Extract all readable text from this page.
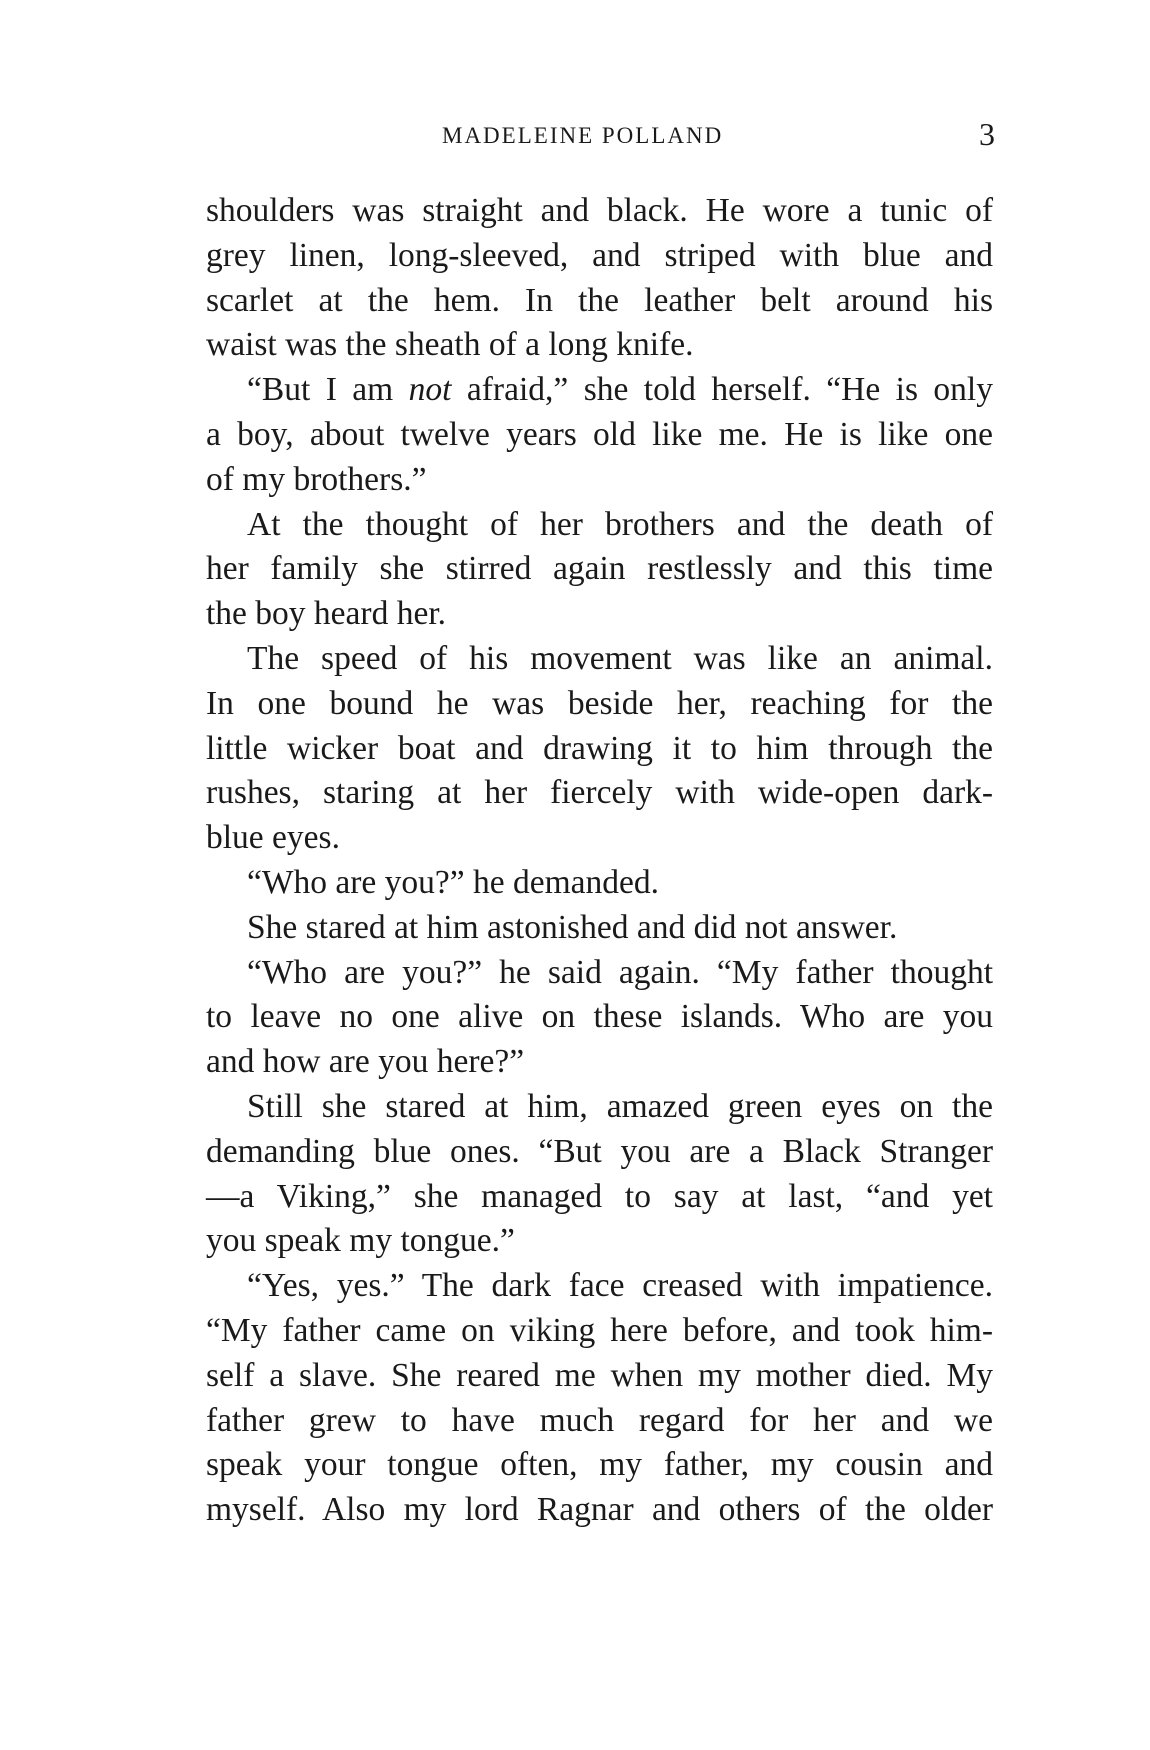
MADELEINE POLLAND	3
shoulders was straight and black. He wore a tunic of
grey linen, long-sleeved, and striped with blue and
scarlet at the hem. In the leather belt around his
waist was the sheath of a long knife.
“But I am not afraid,” she told herself. “He is only
a boy, about twelve years old like me. He is like one
of my brothers.”
At the thought of her brothers and the death of
her family she stirred again restlessly and this time
the boy heard her.
The speed of his movement was like an animal.
In one bound he was beside her, reaching for the
little wicker boat and drawing it to him through the
rushes, staring at her fiercely with wide-open dark-
blue eyes.
“Who are you?” he demanded.
She stared at him astonished and did not answer.
“Who are you?” he said again. “My father thought
to leave no one alive on these islands. Who are you
and how are you here?”
Still she stared at him, amazed green eyes on the
demanding blue ones. “But you are a Black Stranger
—a Viking,” she managed to say at last, “and yet
you speak my tongue.”
“Yes, yes.” The dark face creased with impatience.
“My father came on viking here before, and took him-
self a slave. She reared me when my mother died. My
father grew to have much regard for her and we
speak your tongue often, my father, my cousin and
myself. Also my lord Ragnar and others of the older
